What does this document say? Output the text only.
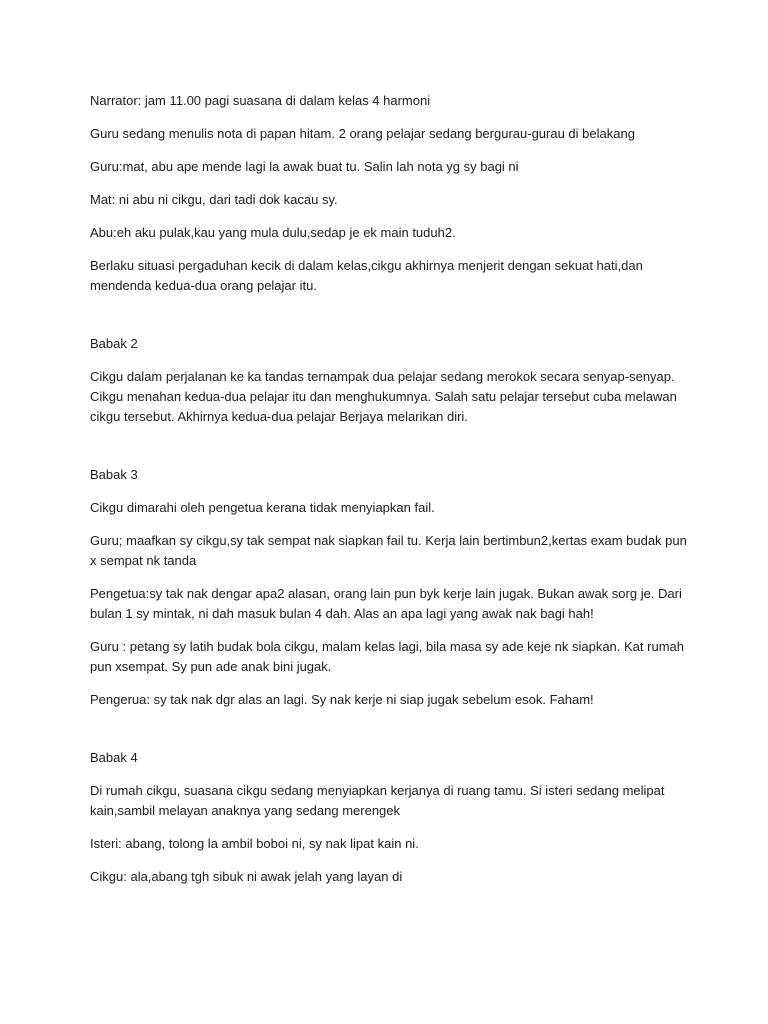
Narrator: jam 11.00 pagi suasana di dalam kelas 4 harmoni

Guru sedang menulis nota di papan hitam. 2 orang pelajar sedang bergurau-gurau di belakang

Guru:mat, abu ape mende lagi la awak buat tu. Salin lah nota yg sy bagi ni

Mat: ni abu ni cikgu, dari tadi dok kacau sy.

Abu:eh aku pulak,kau yang mula dulu,sedap je ek main tuduh2.

Berlaku situasi pergaduhan kecik di dalam kelas,cikgu akhirnya menjerit dengan sekuat hati,dan mendenda kedua-dua orang pelajar itu.

Babak 2

Cikgu dalam perjalanan ke ka tandas ternampak dua pelajar sedang merokok secara senyap-senyap. Cikgu menahan kedua-dua pelajar itu dan menghukumnya. Salah satu pelajar tersebut cuba melawan cikgu tersebut. Akhirnya kedua-dua pelajar Berjaya melarikan diri.

Babak 3

Cikgu dimarahi oleh pengetua kerana tidak menyiapkan fail.

Guru; maafkan sy cikgu,sy tak sempat nak siapkan fail tu. Kerja lain bertimbun2,kertas exam budak pun x sempat nk tanda

Pengetua:sy tak nak dengar apa2 alasan, orang lain pun byk kerje lain jugak. Bukan awak sorg je. Dari bulan 1 sy mintak, ni dah masuk bulan 4 dah. Alas an apa lagi yang awak nak bagi hah!

Guru : petang sy latih budak bola cikgu, malam kelas lagi, bila masa sy ade keje nk siapkan. Kat rumah pun xsempat. Sy pun ade anak bini jugak.

Pengerua: sy tak nak dgr alas an lagi. Sy nak kerje ni siap jugak sebelum esok. Faham!

Babak 4

Di rumah cikgu, suasana cikgu sedang menyiapkan kerjanya di ruang tamu. Si isteri sedang melipat kain,sambil melayan anaknya yang sedang merengek

Isteri: abang, tolong la ambil boboi ni, sy nak lipat kain ni.

Cikgu: ala,abang tgh sibuk ni awak jelah yang layan di
